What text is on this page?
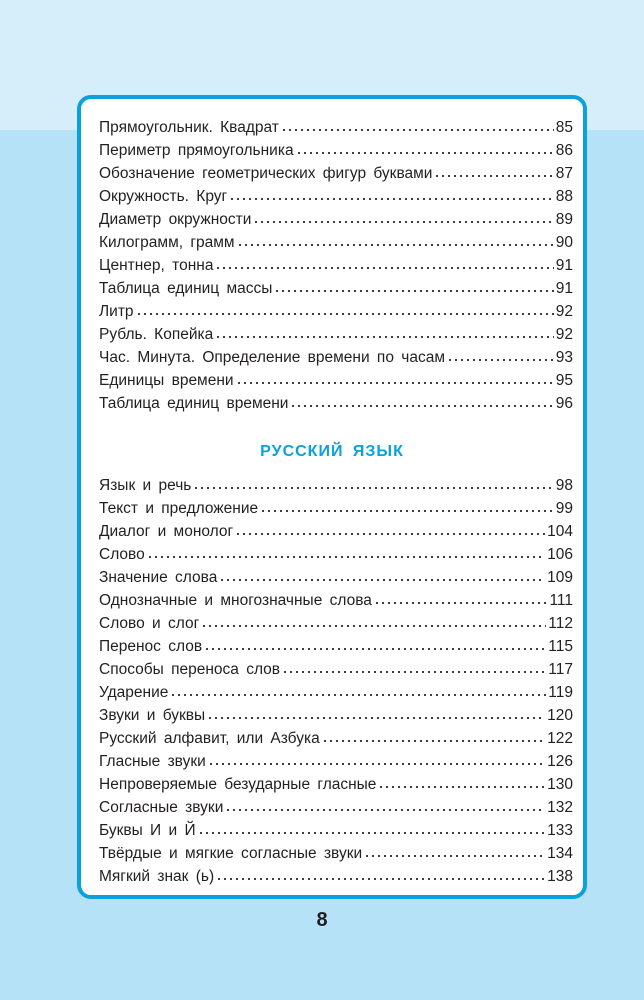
Прямоугольник. Квадрат	85
Периметр прямоугольника	86
Обозначение геометрических фигур буквами	87
Окружность. Круг	88
Диаметр окружности	89
Килограмм, грамм	90
Центнер, тонна	91
Таблица единиц массы	91
Литр	92
Рубль. Копейка	92
Час. Минута. Определение времени по часам	93
Единицы времени	95
Таблица единиц времени	96
РУССКИЙ ЯЗЫК
Язык и речь	98
Текст и предложение	99
Диалог и монолог	104
Слово	106
Значение слова	109
Однозначные и многозначные слова	111
Слово и слог	112
Перенос слов	115
Способы переноса слов	117
Ударение	119
Звуки и буквы	120
Русский алфавит, или Азбука	122
Гласные звуки	126
Непроверяемые безударные гласные	130
Согласные звуки	132
Буквы И и Й	133
Твёрдые и мягкие согласные звуки	134
Мягкий знак (ь)	138
8
